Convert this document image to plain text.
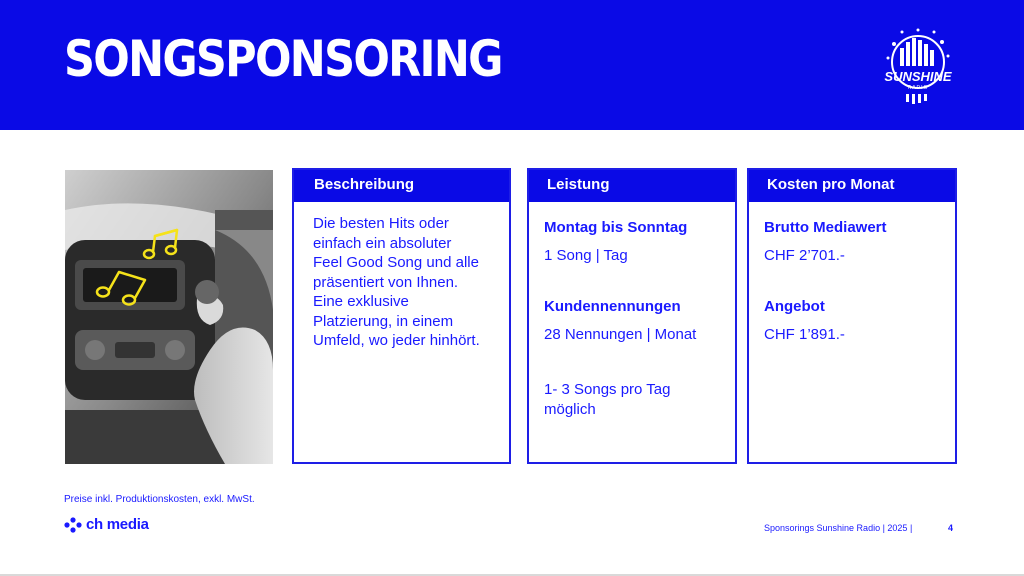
SONGSPONSORING	SUNSHINE
RADIO
Beschreibung
Die besten Hits oder
einfach ein absoluter
Feel Good Song und alle
präsentiert von Ihnen.
Eine exklusive
Platzierung, in einem
Umfeld, wo jeder hinhört.
Leistung
Montag bis Sonntag
1 Song | Tag
Kundennennungen
28 Nennungen | Monat
1- 3 Songs pro Tag
möglich
Kosten pro Monat
Brutto Mediawert
CHF 2’701.-
Angebot
CHF 1’891.-
Preise inkl. Produktionskosten, exkl. MwSt.
ch media	Sponsorings Sunshine Radio | 2025 |	4
